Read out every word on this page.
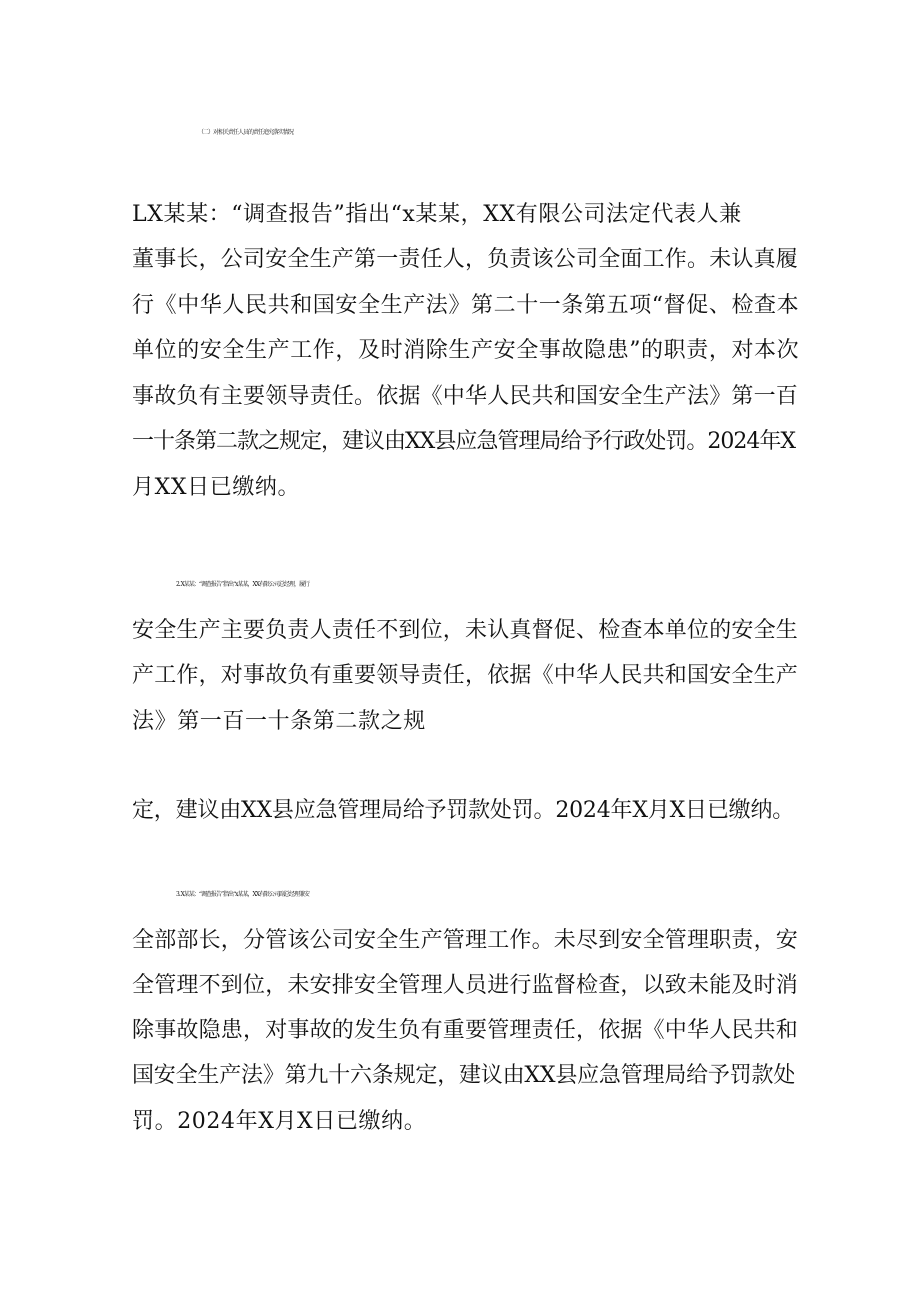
（二）对相关责任人员的责任追究落实情况
LX某某：“调查报告”指出“x某某，XX有限公司法定代表人兼
董事长，公司安全生产第一责任人，负责该公司全面工作。未认真履
行《中华人民共和国安全生产法》第二十一条第五项“督促、检查本
单位的安全生产工作，及时消除生产安全事故隐患”的职责，对本次
事故负有主要领导责任。依据《中华人民共和国安全生产法》第一百
一十条第二款之规定，建议由XX县应急管理局给予行政处罚。2024年X
月XX日已缴纳。
2. X某某：“调查报告”指出“x某某，XX有限公司总经理，履行
安全生产主要负责人责任不到位，未认真督促、检查本单位的安全生
产工作，对事故负有重要领导责任，依据《中华人民共和国安全生产
法》第一百一十条第二款之规
定，建议由XX县应急管理局给予罚款处罚。2024年X月X日已缴纳。
3. X某某：“调查报告”指出“x某某，XX有限公司副总经理兼安
全部部长，分管该公司安全生产管理工作。未尽到安全管理职责，安
全管理不到位，未安排安全管理人员进行监督检查，以致未能及时消
除事故隐患，对事故的发生负有重要管理责任，依据《中华人民共和
国安全生产法》第九十六条规定，建议由XX县应急管理局给予罚款处
罚。2024年X月X日已缴纳。
